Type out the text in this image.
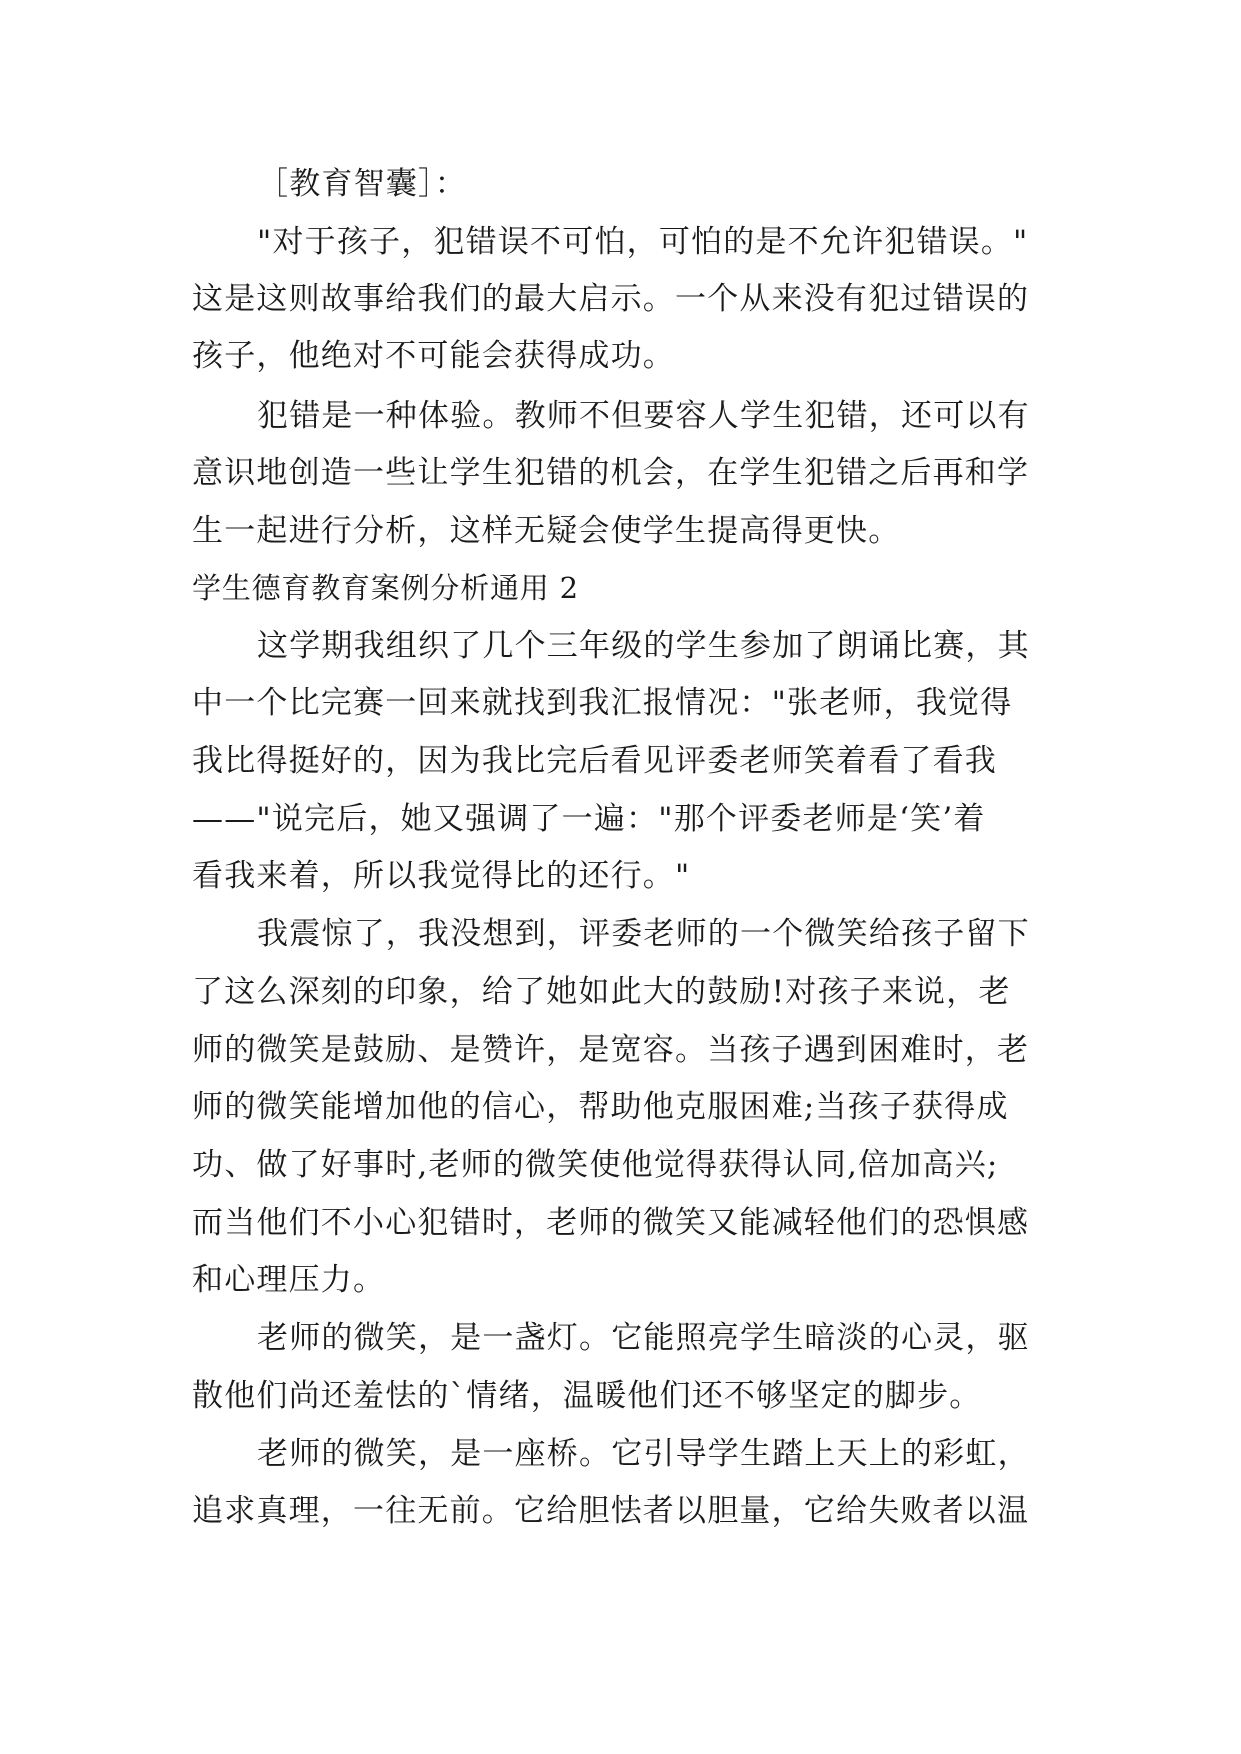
［教育智囊］：
"对于孩子，犯错误不可怕，可怕的是不允许犯错误。"
这是这则故事给我们的最大启示。一个从来没有犯过错误的
孩子，他绝对不可能会获得成功。
犯错是一种体验。教师不但要容人学生犯错，还可以有
意识地创造一些让学生犯错的机会，在学生犯错之后再和学
生一起进行分析，这样无疑会使学生提高得更快。
学生德育教育案例分析通用 2
这学期我组织了几个三年级的学生参加了朗诵比赛，其
中一个比完赛一回来就找到我汇报情况："张老师，我觉得
我比得挺好的，因为我比完后看见评委老师笑着看了看我
——"说完后，她又强调了一遍："那个评委老师是‘笑’着
看我来着，所以我觉得比的还行。"
我震惊了，我没想到，评委老师的一个微笑给孩子留下
了这么深刻的印象，给了她如此大的鼓励!对孩子来说，老
师的微笑是鼓励、是赞许，是宽容。当孩子遇到困难时，老
师的微笑能增加他的信心，帮助他克服困难;当孩子获得成
功、做了好事时,老师的微笑使他觉得获得认同,倍加高兴;
而当他们不小心犯错时，老师的微笑又能减轻他们的恐惧感
和心理压力。
老师的微笑，是一盏灯。它能照亮学生暗淡的心灵，驱
散他们尚还羞怯的`情绪，温暖他们还不够坚定的脚步。
老师的微笑，是一座桥。它引导学生踏上天上的彩虹，
追求真理，一往无前。它给胆怯者以胆量，它给失败者以温
